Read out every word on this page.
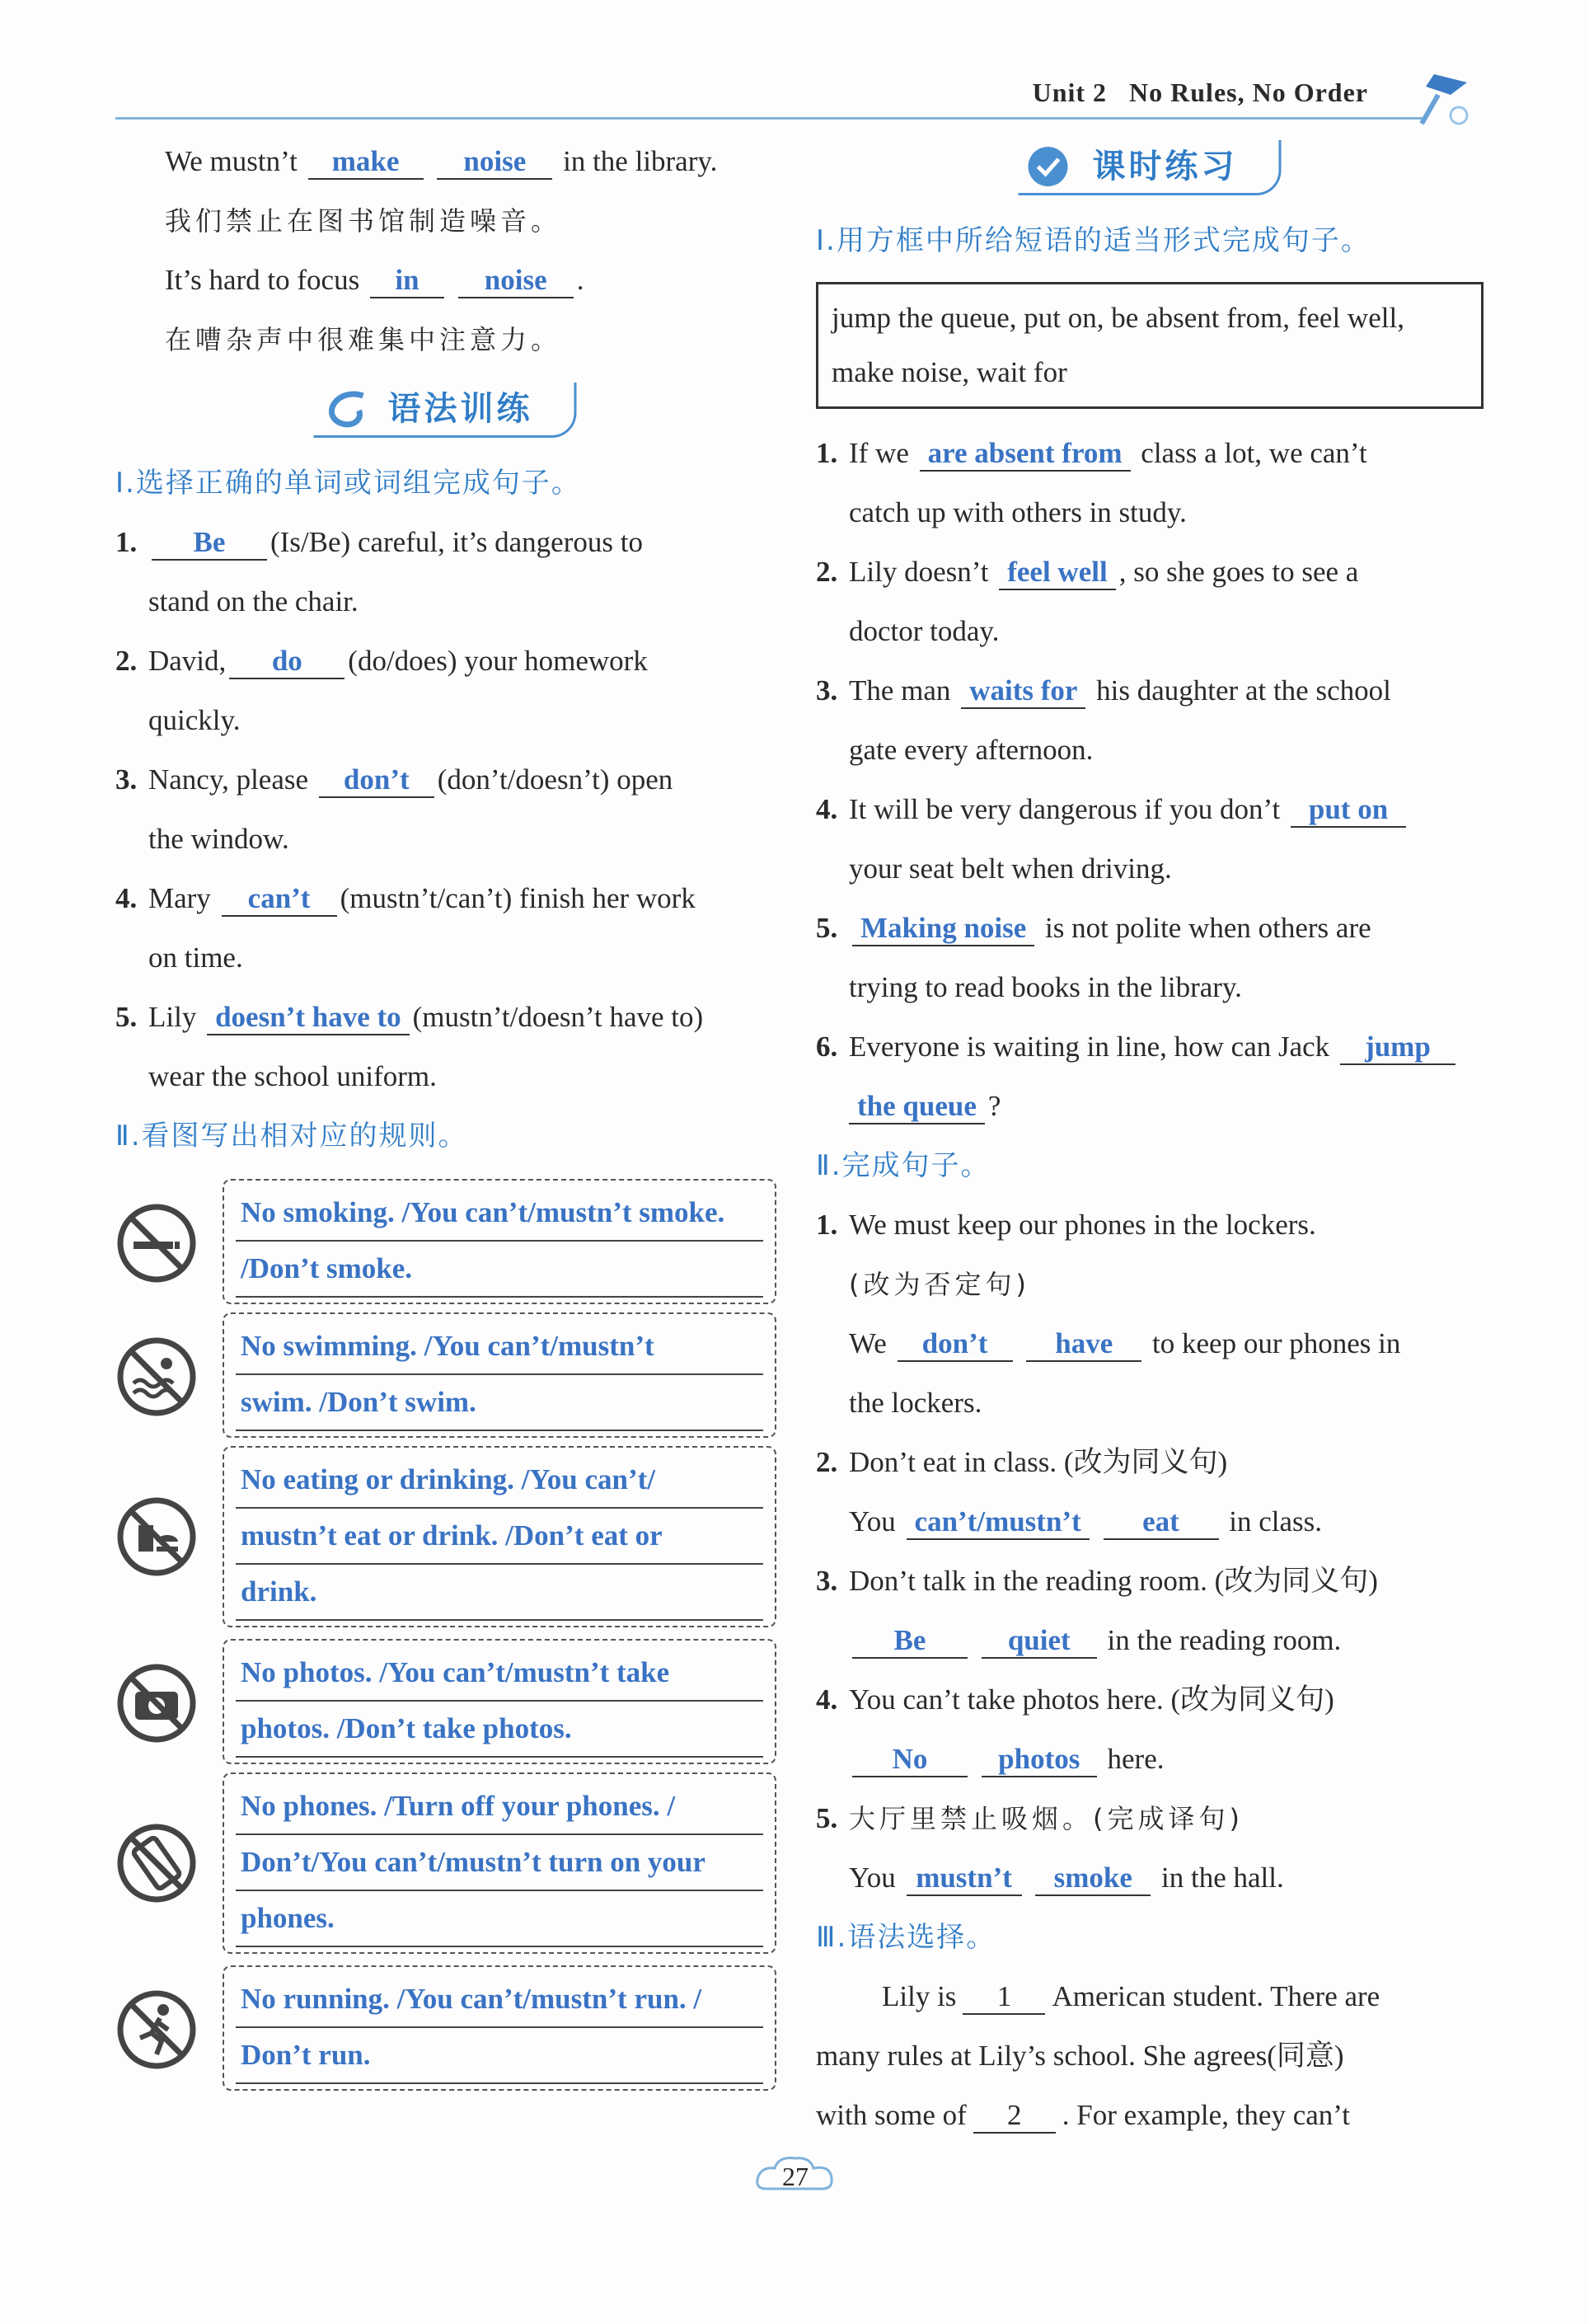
Unit 2 No Rules, No Order
We mustn’t make noise in the library.
我们禁止在图书馆制造噪音。
It’s hard to focus in noise .
在嘈杂声中很难集中注意力。
语法训练
Ⅰ.选择正确的单词或词组完成句子。
1. Be (Is/Be) careful, it’s dangerous to
stand on the chair.
2. David, do (do/does) your homework
quickly.
3. Nancy, please don’t (don’t/doesn’t) open
the window.
4. Mary can’t (mustn’t/can’t) finish her work
on time.
5. Lily doesn’t have to (mustn’t/doesn’t have to)
wear the school uniform.
Ⅱ.看图写出相对应的规则。
No smoking. /You can’t/mustn’t smoke.
/Don’t smoke.
No swimming. /You can’t/mustn’t
swim. /Don’t swim.
No eating or drinking. /You can’t/
mustn’t eat or drink. /Don’t eat or
drink.
No photos. /You can’t/mustn’t take
photos. /Don’t take photos.
No phones. /Turn off your phones. /
Don’t/You can’t/mustn’t turn on your
phones.
No running. /You can’t/mustn’t run. /
Don’t run.
课时练习
Ⅰ.用方框中所给短语的适当形式完成句子。
jump the queue, put on, be absent from, feel well, make noise, wait for
1. If we are absent from class a lot, we can’t
catch up with others in study.
2. Lily doesn’t feel well , so she goes to see a
doctor today.
3. The man waits for his daughter at the school
gate every afternoon.
4. It will be very dangerous if you don’t put on
your seat belt when driving.
5. Making noise is not polite when others are
trying to read books in the library.
6. Everyone is waiting in line, how can Jack jump
the queue ?
Ⅱ.完成句子。
1. We must keep our phones in the lockers.
(改为否定句)
We don’t have to keep our phones in
the lockers.
2. Don’t eat in class. (改为同义句)
You can’t/mustn’t eat in class.
3. Don’t talk in the reading room. (改为同义句)
Be	quiet in the reading room.
4. You can’t take photos here. (改为同义句)
No photos here.
5. 大厅里禁止吸烟。(完成译句)
You mustn’t smoke in the hall.
Ⅲ.语法选择。
Lily is 1 American student. There are
many rules at Lily’s school. She agrees(同意)
with some of 2 . For example, they can’t
27
